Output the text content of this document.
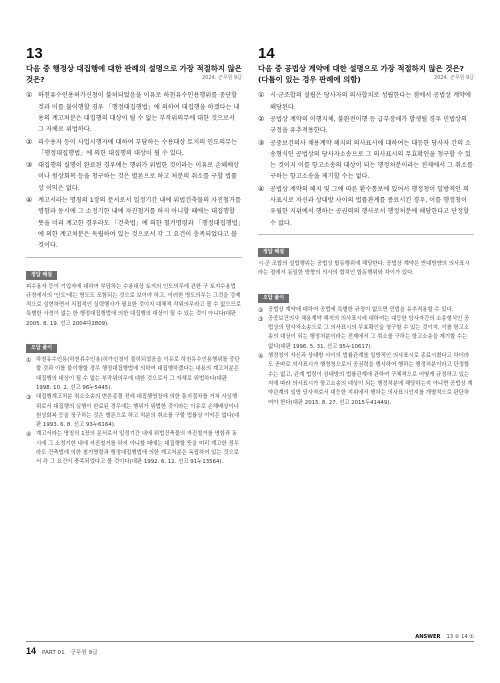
13
다음 중 행정상 대집행에 대한 판례의 설명으로 가장 적절하지 않은 것은?	2024. 군무원 9급
① 하천유수인용허가신청이 불허되었음을 이유로 하천유수인용행위를 중단할 것과 이를 불이행할 경우 「행정대집행법」에 의하여 대집행을 하겠다는 내용의 계고처분은 대집행의 대상이 될 수 없는 부작위의무에 대한 것으로서 그 자체로 위법하다.
② 피수용자 등이 사업시행자에 대하여 부담하는 수용대상 토지의 인도의무는 「행정대집행법」에 의한 대집행의 대상이 될 수 있다.
③ 대집행의 실행이 완료된 경우에는 행위가 위법한 것이라는 이유로 손해배상이나 원상회복 등을 청구하는 것은 별론으로 하고 처분의 취소를 구할 법률상 이익은 없다.
④ 계고서라는 명칭의 1장의 문서로서 일정기간 내에 위법건축물의 자진철거를 명함과 동시에 그 소정기한 내에 자진철거를 하지 아니할 때에는 대집행할 뜻을 미리 계고한 경우라도 「건축법」에 의한 철거명령과 「행정대집행법」에 의한 계고처분은 독립하여 있는 것으로서 각 그 요건이 충족되었다고 볼 것이다.
정답 해설
피수용자 등이 기업자에 대하여 부담하는 수용대상 토지의 인도의무에 관한 구 토지수용법 규정에서의 '인도'에는 명도도 포함되는 것으로 보이야 하고, 이러한 명도의무는 그것을 강제적으로 실현하면서 직접적인 실력행사가 필요한 것이지 대체적 작위의무라고 볼 수 없으므로 특별한 사정이 없는 한 행정대집행법에 의한 대집행의 대상이 될 수 있는 것이 아니다(대판 2005. 8. 19. 선고 2004다2809).
오답 풀이
① 하천유수인용(하천류수인용)허가신청이 불허되었음을 이유로 하천유수인용행위를 중단할 것과 이를 불이행할 경우 행정대집행법에 의하여 대집행하겠다는 내용의 계고처분은 대집행의 대상이 될 수 없는 부작위의무에 대한 것으로서 그 자체로 위법하다(대판 1998. 10. 2. 선고 96누5445).
③ 대집행계고처분 취소소송의 변론종결 전에 대집행영장에 의한 통지절차를 거쳐 사실행위로서 대집행의 실행이 완료된 경우에는 행위가 위법한 것이라는 이유로 손해배상이나 원상회복 등을 청구하는 것은 별론으로 하고 처분의 취소를 구할 법률상 이익은 없다(대판 1993. 6. 8. 선고 93누6164).
④ 계고서라는 명칭의 1장의 문서로서 일정기간 내에 위법건축물의 자진철거를 명함과 동시에 그 소정기한 내에 자진철거를 하지 아니할 때에는 대집행할 뜻을 미리 계고한 경우라도 건축법에 의한 철거명령과 행정대집행법에 의한 계고처분은 독립하여 있는 것으로서 각 그 요건이 충족되었다고 볼 것이다(대판 1992. 6. 12. 선고 91누13564).
14
다음 중 공법상 계약에 대한 설명으로 가장 적절하지 않은 것은? (다툼이 있는 경우 판례에 의함)	2024. 군무원 9급
① 시·군조합의 설립은 당사자의 의사합치로 성립한다는 점에서 공법상 계약에 해당된다.
② 공법상 계약의 이행지체, 불완전이행 등 급부장애가 발생될 경우 민법상의 규정을 유추적용한다.
③ 공중보건의사 채용계약 해지의 의사표시에 대하여는 대등한 당사자 간의 소송형식인 공법상의 당사자소송으로 그 의사표시의 무효확인을 청구할 수 있는 것이지 이를 항고소송의 대상이 되는 행정처분이라는 전제에서 그 취소를 구하는 항고소송을 제기할 수는 없다.
④ 공법상 계약의 해지 및 그에 따른 환수통보에 있어서 행정청이 일방적인 의사표시로 자신과 상대방 사이의 법률관계를 종료시킨 경우, 이를 행정청이 우월한 지위에서 행하는 공권력의 행사로서 행정처분에 해당한다고 단정할 수 없다.
정답 해설
시·군 조합의 설립행위는 공법상 합동행위에 해당한다. 공법상 계약은 반대방향의 의사표시라는 점에서 동일한 방향의 의사의 합치인 합동행위와 차이가 있다.
오답 풀이
② 공법상 계약에 대하여 공법에 특별한 규정이 없으면 민법을 유추적용할 수 있다.
③ 공중보건의사 채용계약 해지의 의사표시에 대하여는 대등한 당사자간의 소송형식인 공법상의 당사자소송으로 그 의사표시의 무효확인을 청구할 수 있는 것이지, 이를 항고소송의 대상이 되는 행정처분이라는 전제에서 그 취소를 구하는 항고소송을 제기할 수는 없다(대판 1996. 5. 31. 선고 95누10617).
④ 행정청이 자신과 상대방 사이의 법률관계를 일방적인 의사표시로 종료시켰다고 하더라도 곧바로 의사표시가 행정청으로서 공권력을 행사하여 행하는 행정처분이라고 단정할 수는 없고, 관계 법령이 상대방의 법률관계에 관하여 구체적으로 어떻게 규정하고 있는지에 따라 의사표시가 항고소송의 대상이 되는 행정처분에 해당하는지 아니면 공법상 계약관계의 일방 당사자로서 대등한 지위에서 행하는 의사표시인지를 개별적으로 판단하여야 한다(대판 2015. 8. 27. 선고 2015두41449).
ANSWER 13 ② 14 ①
14 PART 01 군무원 9급
